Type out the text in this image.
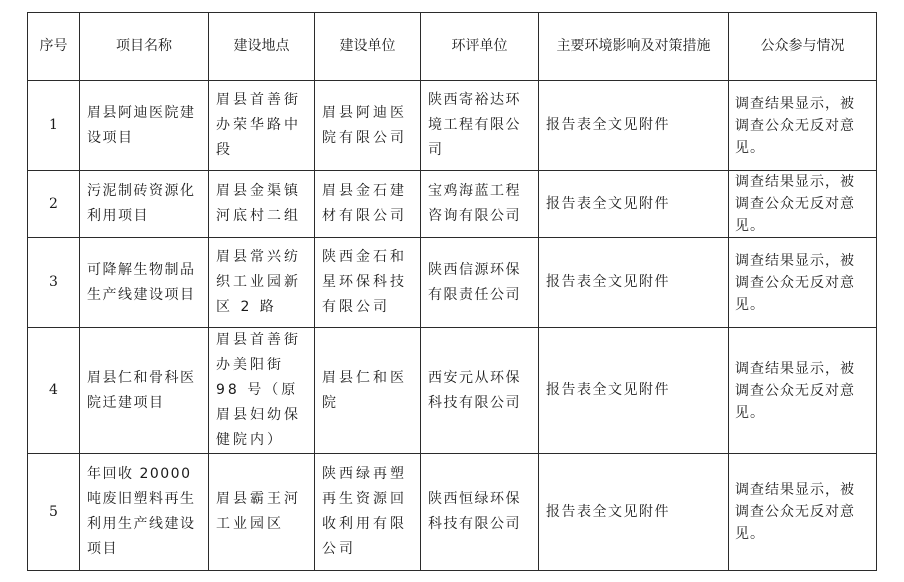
序号	项目名称	建设地点	建设单位	环评单位	主要环境影响及对策措施	公众参与情况
1	眉县阿迪医院建设项目	眉县首善街办荣华路中段	眉县阿迪医院有限公司	陕西寄裕达环境工程有限公司	报告表全文见附件	调查结果显示，被调查公众无反对意见。
2	污泥制砖资源化利用项目	眉县金渠镇河底村二组	眉县金石建材有限公司	宝鸡海蓝工程咨询有限公司	报告表全文见附件	调查结果显示，被调查公众无反对意见。
3	可降解生物制品生产线建设项目	眉县常兴纺织工业园新区 2 路	陕西金石和星环保科技有限公司	陕西信源环保有限责任公司	报告表全文见附件	调查结果显示，被调查公众无反对意见。
4	眉县仁和骨科医院迁建项目	眉县首善街办美阳街 98 号（原眉县妇幼保健院内）	眉县仁和医院	西安元从环保科技有限公司	报告表全文见附件	调查结果显示，被调查公众无反对意见。
5	年回收 20000 吨废旧塑料再生利用生产线建设项目	眉县霸王河工业园区	陕西绿再塑再生资源回收利用有限公司	陕西恒绿环保科技有限公司	报告表全文见附件	调查结果显示，被调查公众无反对意见。
